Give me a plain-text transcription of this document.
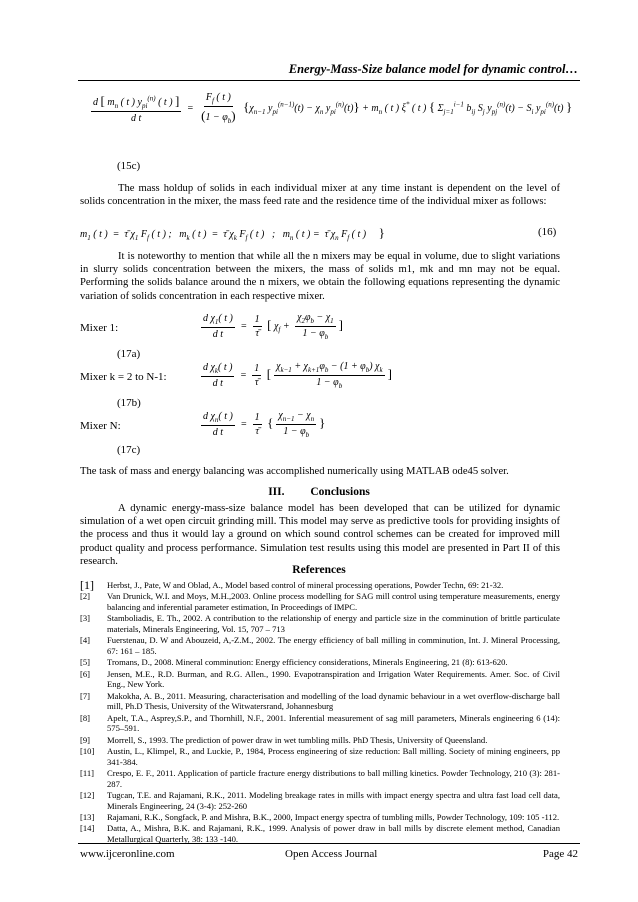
Energy-Mass-Size balance model for dynamic control…
$\frac{d [ m_n ( t ) y_{pi}^{(n)} ( t ) ]}{\text{d t}} = \frac{F_f ( t )}{(1 - \varphi_b)} \{\chi_{n-1}$ $y_{pi}^{(n-1)}(t) - \chi_n$ $y_{pi}^{(n)}(t)\} + m_n$ ( t ) ξ* ( t ) { $\Sigma_{j=1}^{i-1}$ $b_{ij}$ $S_j$ $y_{pj}^{(n)}(t) - S_i$ $y_{pi}^{(n)}(t)$ }
(15c)
The mass holdup of solids in each individual mixer at any time instant is dependent on the level of solids concentration in the mixer, the mass feed rate and the residence time of the individual mixer as follows:
$m_1$ ( t )  =  τ̄ $\chi_1$ $F_f$ ( t ) ;   $m_k$ ( t )  =  τ̄ $\chi_k$ $F_f$ ( t )   ;   $m_n$ ( t ) =  τ̄ $\chi_n$ $F_f$ ( t )     }	(16)
It is noteworthy to mention that while all the n mixers may be equal in volume, due to slight variations in slurry solids concentration between the mixers, the mass of solids m1, mk and mn may not be equal. Performing the solids balance around the n mixers, we obtain the following equations representing the dynamic variation of solids concentration in each respective mixer.
Mixer 1:	$\frac{d \chi_1( t )}{\text{d t}} = \frac{1}{\taū}$ [ $\chi_f + \frac{\chi_2\varphi_b - \chi_1}{1 - \varphi_b}$ ]
(17a)
Mixer k = 2 to N-1:	$\frac{d \chi_k( t )}{\text{d t}} = \frac{1}{\taū}$ [ $\frac{\chi_{k-1} + \chi_{k+1}\varphi_b - (1 + \varphi_b) \chi_k}{1 - \varphi_b}$ ]
(17b)
Mixer N:	$\frac{d \chi_n( t )}{\text{d t}} = \frac{1}{\taū}$ { $\frac{\chi_{n-1} - \chi_n}{1 - \varphi_b}$ }
(17c)
The task of mass and energy balancing was accomplished numerically using MATLAB ode45 solver.
III. Conclusions
A dynamic energy-mass-size balance model has been developed that can be utilized for dynamic simulation of a wet open circuit grinding mill. This model may serve as predictive tools for providing insights of the process and thus it would lay a ground on which sound control schemes can be created for improved mill product quality and process performance. Simulation test results using this model are presented in Part II of this research.
References
[1]	Herbst, J., Pate, W and Oblad, A., Model based control of mineral processing operations, Powder Techn, 69: 21-32.
[2]	Van Drunick, W.I. and Moys, M.H.,2003. Online process modelling for SAG mill control using temperature measurements, energy balancing and inferential parameter estimation, In Proceedings of IMPC.
[3]	Stamboliadis, E. Th., 2002. A contribution to the relationship of energy and particle size in the comminution of brittle particulate materials, Minerals Engineering, Vol. 15, 707 – 713
[4]	Fuerstenau, D. W and Abouzeid, A,-Z.M., 2002. The energy efficiency of ball milling in comminution, Int. J. Mineral Processing, 67: 161 – 185.
[5]	Tromans, D., 2008. Mineral comminution: Energy efficiency considerations, Minerals Engineering, 21 (8): 613-620.
[6]	Jensen, M.E., R.D. Burman, and R.G. Allen., 1990. Evapotranspiration and Irrigation Water Requirements. Amer. Soc. of Civil Eng., New York.
[7]	Makokha, A. B., 2011. Measuring, characterisation and modelling of the load dynamic behaviour in a wet overflow-discharge ball mill, Ph.D Thesis, University of the Witwatersrand, Johannesburg
[8]	Apelt, T.A., Asprey,S.P., and Thornhill, N.F., 2001. Inferential measurement of sag mill parameters, Minerals engineering 6 (14): 575–591.
[9]	Morrell, S., 1993. The prediction of power draw in wet tumbling mills. PhD Thesis, University of Queensland.
[10]	Austin, L., Klimpel, R., and Luckie, P., 1984, Process engineering of size reduction: Ball milling. Society of mining engineers, pp 341-384.
[11]	Crespo, E. F., 2011. Application of particle fracture energy distributions to ball milling kinetics. Powder Technology, 210 (3): 281-287.
[12]	Tugcan, T.E. and Rajamani, R.K., 2011. Modeling breakage rates in mills with impact energy spectra and ultra fast load cell data, Minerals Engineering, 24 (3-4): 252-260
[13]	Rajamani, R.K., Songfack, P. and Mishra, B.K., 2000, Impact energy spectra of tumbling mills, Powder Technology, 109: 105 -112.
[14]	Datta, A., Mishra, B.K. and Rajamani, R.K., 1999. Analysis of power draw in ball mills by discrete element method, Canadian Metallurgical Quarterly, 38: 133 -140.
www.ijceronline.com	Open Access Journal	Page 42
